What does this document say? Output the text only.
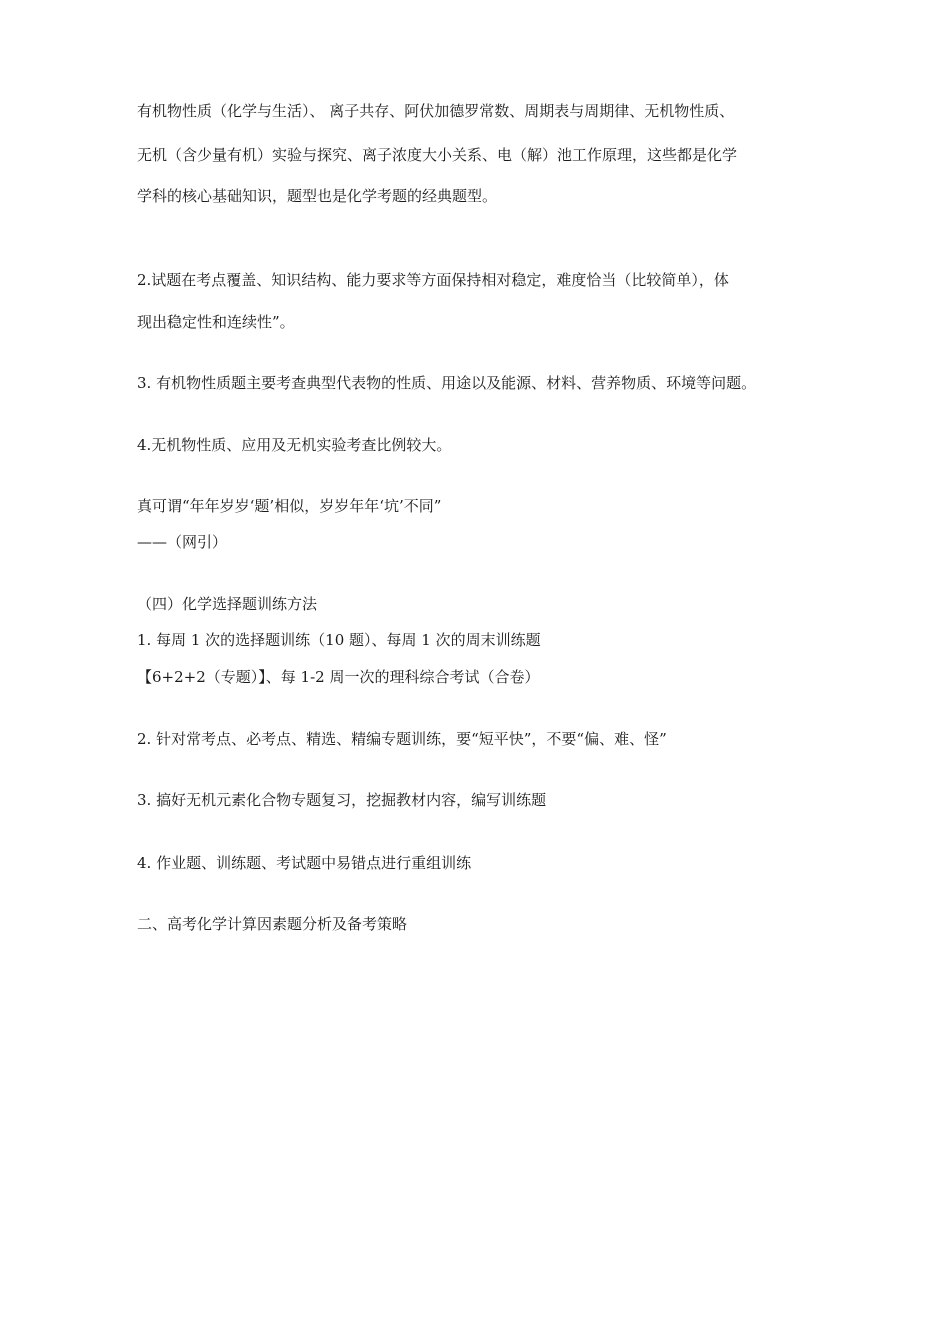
有机物性质（化学与生活）、 离子共存、阿伏加德罗常数、周期表与周期律、无机物性质、
无机（含少量有机）实验与探究、离子浓度大小关系、电（解）池工作原理，这些都是化学
学科的核心基础知识，题型也是化学考题的经典题型。
2.试题在考点覆盖、知识结构、能力要求等方面保持相对稳定，难度恰当（比较简单），体
现出稳定性和连续性”。
3. 有机物性质题主要考查典型代表物的性质、用途以及能源、材料、营养物质、环境等问题。
4.无机物性质、应用及无机实验考查比例较大。
真可谓“年年岁岁‘题’相似，岁岁年年‘坑’不同”
——（网引）
（四）化学选择题训练方法
1. 每周 1 次的选择题训练（10 题）、每周 1 次的周末训练题
【6+2+2（专题）】、每 1-2 周一次的理科综合考试（合卷）
2. 针对常考点、必考点、精选、精编专题训练，要“短平快”，不要“偏、难、怪”
3. 搞好无机元素化合物专题复习，挖掘教材内容，编写训练题
4. 作业题、训练题、考试题中易错点进行重组训练
二、高考化学计算因素题分析及备考策略
